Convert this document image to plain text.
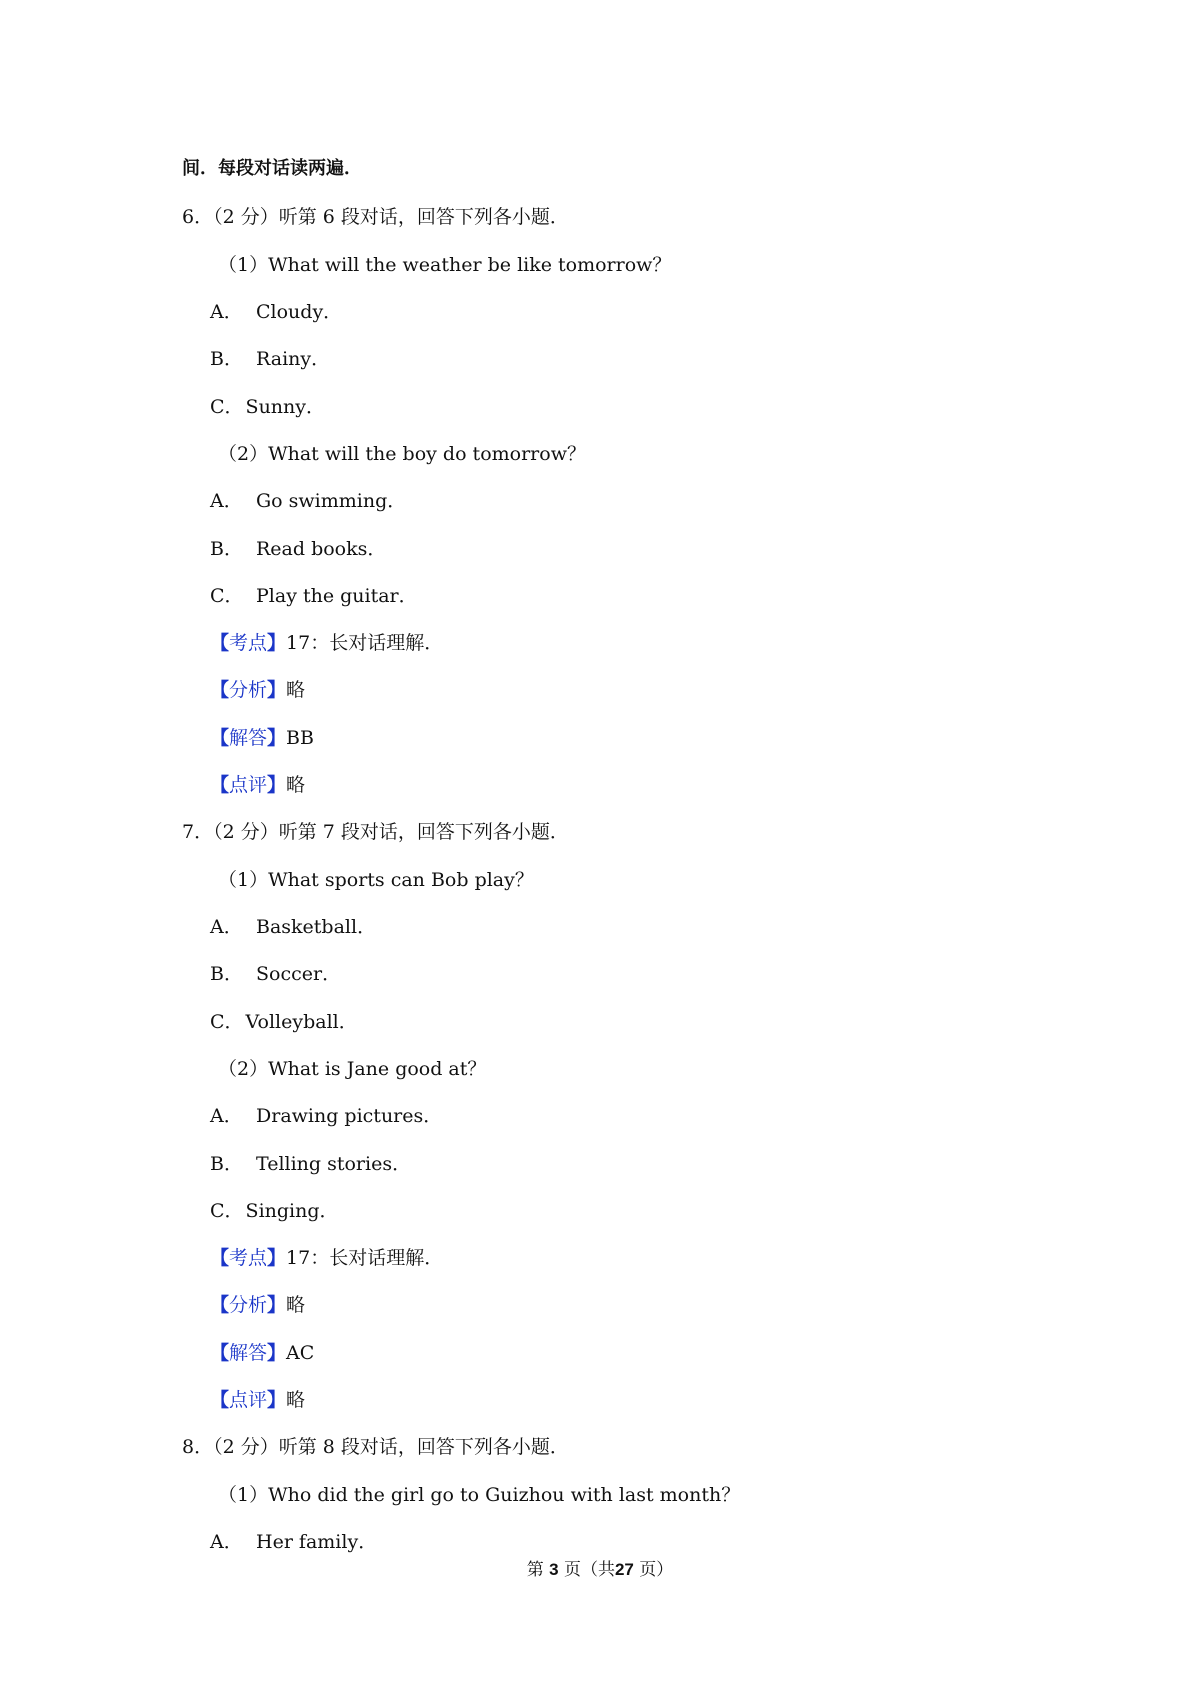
间．每段对话读两遍．
6．（2 分）听第 6 段对话，回答下列各小题．
（1）What will the weather be like tomorrow？
A． Cloudy．
B． Rainy．
C． Sunny．
（2）What will the boy do tomorrow？
A． Go swimming．
B． Read books．
C． Play the guitar．
【考点】17：长对话理解．
【分析】略
【解答】BB
【点评】略
7．（2 分）听第 7 段对话，回答下列各小题．
（1）What sports can Bob play？
A． Basketball．
B． Soccer．
C． Volleyball．
（2）What is Jane good at？
A． Drawing pictures．
B． Telling stories．
C． Singing．
【考点】17：长对话理解．
【分析】略
【解答】AC
【点评】略
8．（2 分）听第 8 段对话，回答下列各小题．
（1）Who did the girl go to Guizhou with last month？
A． Her family．
第 3 页（共27 页）
